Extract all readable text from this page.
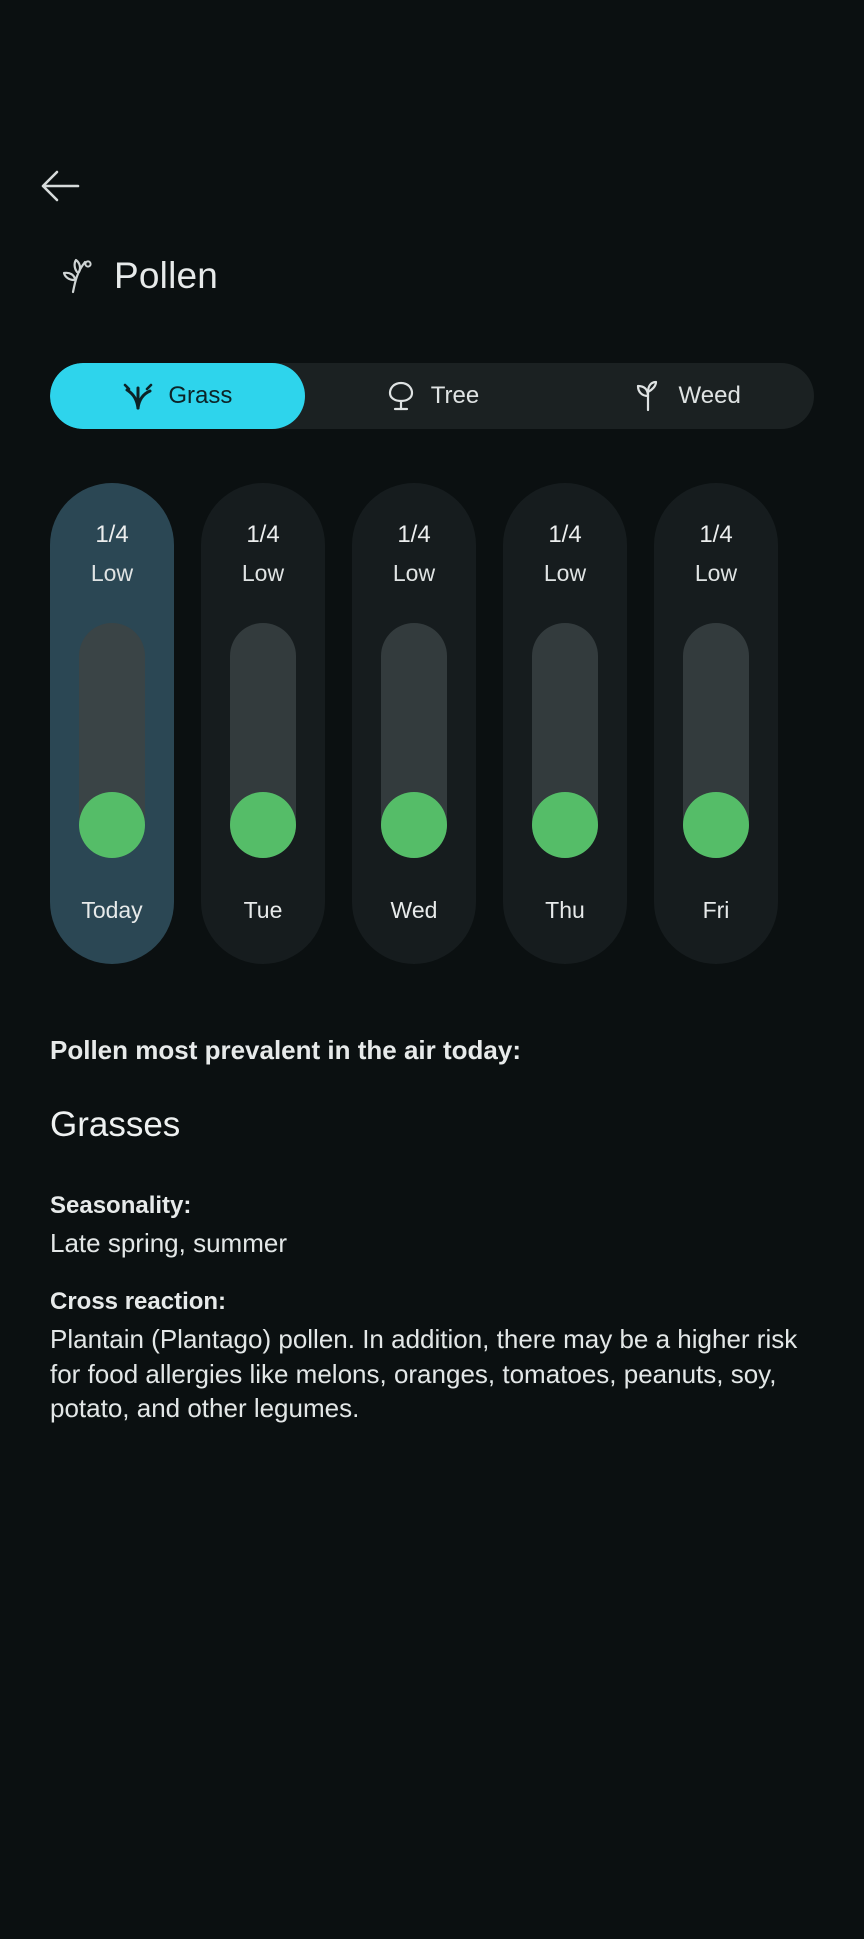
Pollen
Grass	Tree	Weed
1/4
Low
Today
1/4
Low
Tue
1/4
Low
Wed
1/4
Low
Thu
1/4
Low
Fri
Pollen most prevalent in the air today:
Grasses
Seasonality:
Late spring, summer
Cross reaction:
Plantain (Plantago) pollen. In addition, there may be a higher risk for food allergies like melons, oranges, tomatoes, peanuts, soy, potato, and other legumes.
